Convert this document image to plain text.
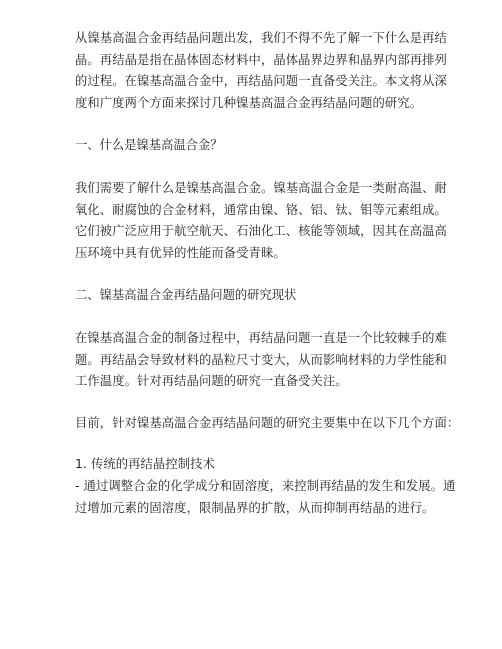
从镍基高温合金再结晶问题出发，我们不得不先了解一下什么是再结
晶。再结晶是指在晶体固态材料中，晶体晶界边界和晶界内部再排列
的过程。在镍基高温合金中，再结晶问题一直备受关注。本文将从深
度和广度两个方面来探讨几种镍基高温合金再结晶问题的研究。

一、什么是镍基高温合金？

我们需要了解什么是镍基高温合金。镍基高温合金是一类耐高温、耐
氧化、耐腐蚀的合金材料，通常由镍、铬、铝、钛、钼等元素组成。
它们被广泛应用于航空航天、石油化工、核能等领域，因其在高温高
压环境中具有优异的性能而备受青睐。

二、镍基高温合金再结晶问题的研究现状

在镍基高温合金的制备过程中，再结晶问题一直是一个比较棘手的难
题。再结晶会导致材料的晶粒尺寸变大，从而影响材料的力学性能和
工作温度。针对再结晶问题的研究一直备受关注。

目前，针对镍基高温合金再结晶问题的研究主要集中在以下几个方面：

1. 传统的再结晶控制技术
- 通过调整合金的化学成分和固溶度，来控制再结晶的发生和发展。通
过增加元素的固溶度，限制晶界的扩散，从而抑制再结晶的进行。
